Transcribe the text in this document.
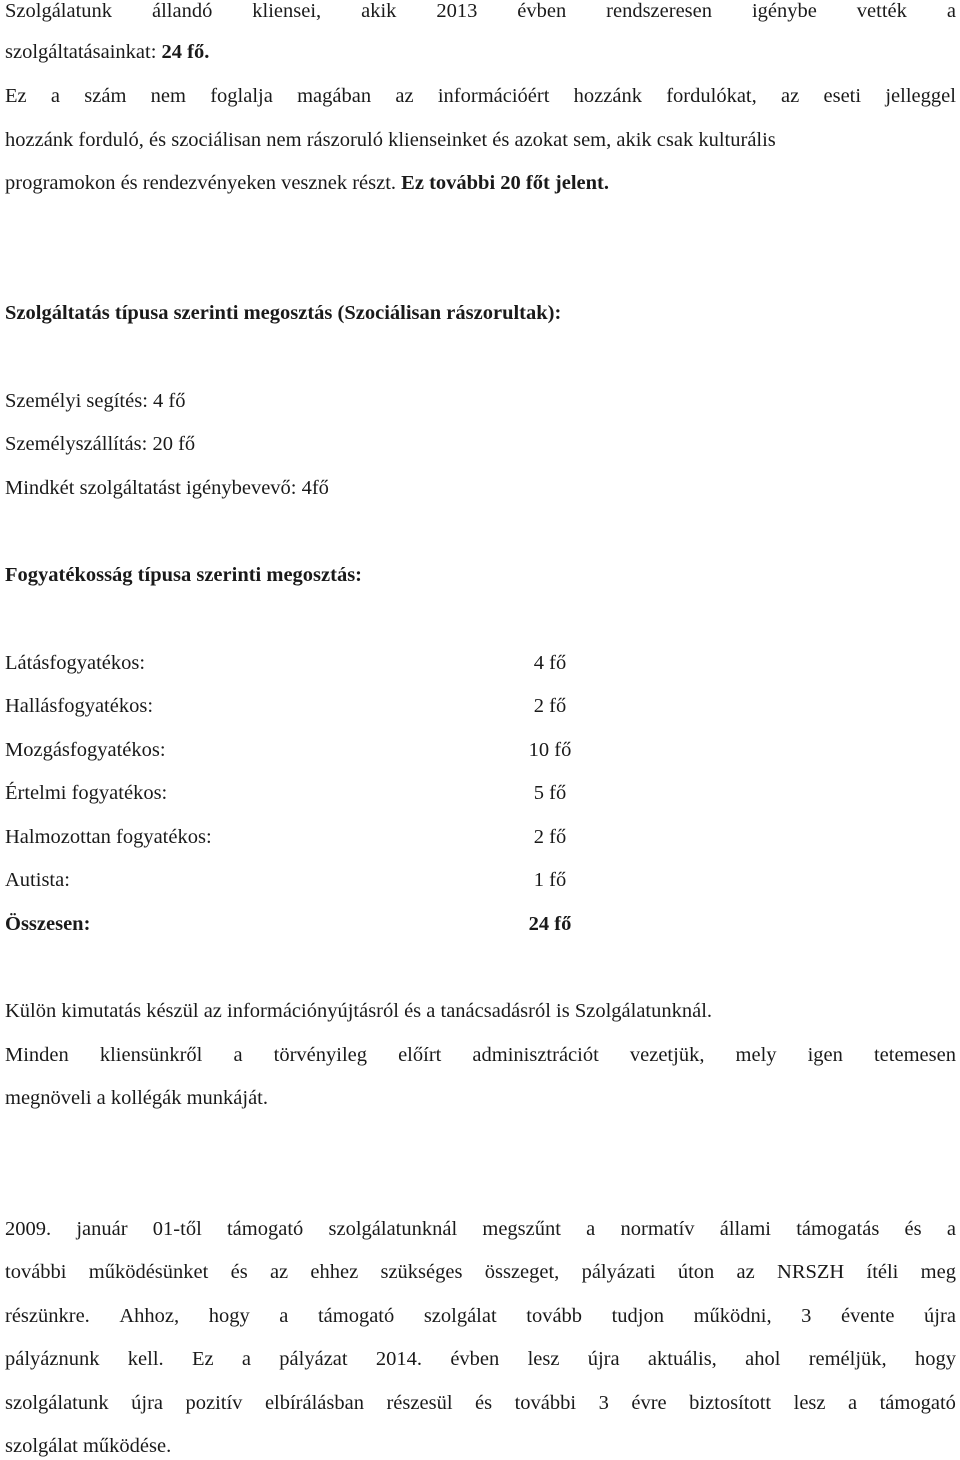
Szolgálatunk állandó kliensei, akik 2013 évben rendszeresen igénybe vették a
szolgáltatásainkat: 24 fő.
Ez a szám nem foglalja magában az információért hozzánk fordulókat, az eseti jelleggel
hozzánk forduló, és szociálisan nem rászoruló klienseinket és azokat sem, akik csak kulturális
programokon és rendezvényeken vesznek részt. Ez további 20 főt jelent.
Szolgáltatás típusa szerinti megosztás (Szociálisan rászorultak):
Személyi segítés: 4 fő
Személyszállítás: 20 fő
Mindkét szolgáltatást igénybevevő: 4fő
Fogyatékosság típusa szerinti megosztás:
Látásfogyatékos:	4 fő
Hallásfogyatékos:	2 fő
Mozgásfogyatékos:	10 fő
Értelmi fogyatékos:	5 fő
Halmozottan fogyatékos:	2 fő
Autista:	1 fő
Összesen:	24 fő
Külön kimutatás készül az információnyújtásról és a tanácsadásról is Szolgálatunknál.
Minden kliensünkről a törvényileg előírt adminisztrációt vezetjük, mely igen tetemesen
megnöveli a kollégák munkáját.
2009. január 01-től támogató szolgálatunknál megszűnt a normatív állami támogatás és a
további működésünket és az ehhez szükséges összeget, pályázati úton az NRSZH ítéli meg
részünkre. Ahhoz, hogy a támogató szolgálat tovább tudjon működni, 3 évente újra
pályáznunk kell. Ez a pályázat 2014. évben lesz újra aktuális, ahol reméljük, hogy
szolgálatunk újra pozitív elbírálásban részesül és további 3 évre biztosított lesz a támogató
szolgálat működése.
